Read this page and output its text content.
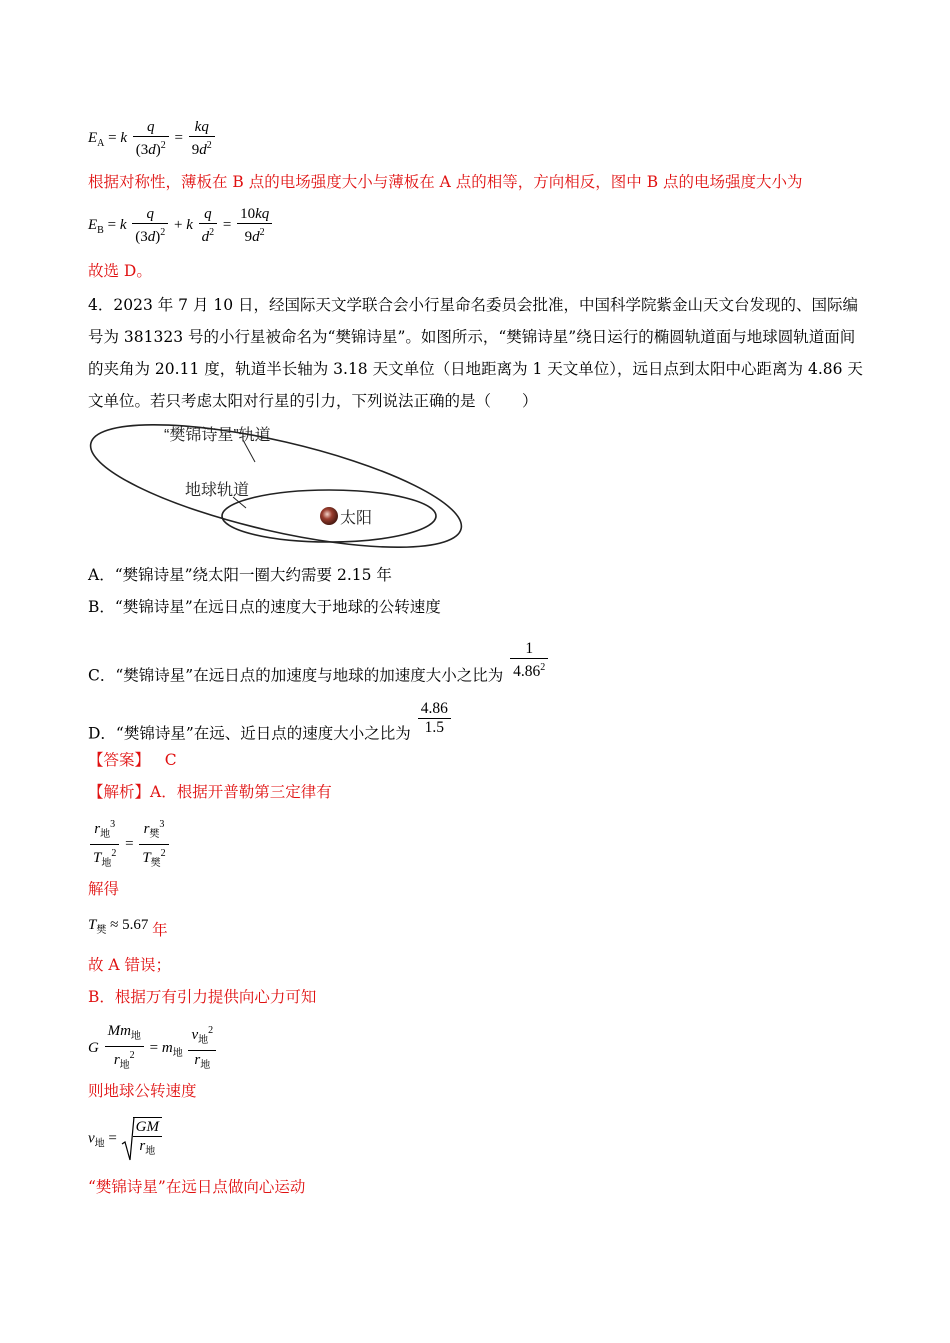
$E_A = k \frac{q}{(3d)^2} = \frac{kq}{9d^2}$
根据对称性，薄板在 B 点的电场强度大小与薄板在 A 点的相等，方向相反，图中 B 点的电场强度大小为
$E_B = k \frac{q}{(3d)^2} + k \frac{q}{d^2} = \frac{10kq}{9d^2}$
故选 D。
4．2023 年 7 月 10 日，经国际天文学联合会小行星命名委员会批准，中国科学院紫金山天文台发现的、国际编号为 381323 号的小行星被命名为“樊锦诗星”。如图所示，“樊锦诗星”绕日运行的椭圆轨道面与地球圆轨道面间的夹角为 20.11 度，轨道半长轴为 3.18 天文单位（日地距离为 1 天文单位），远日点到太阳中心距离为 4.86 天文单位。若只考虑太阳对行星的引力，下列说法正确的是（　　）
“樊锦诗星”轨道
地球轨道
太阳
A．“樊锦诗星”绕太阳一圈大约需要 2.15 年
B．“樊锦诗星”在远日点的速度大于地球的公转速度
C．“樊锦诗星”在远日点的加速度与地球的加速度大小之比为 $\frac{1}{4.86^2}$
D．“樊锦诗星”在远、近日点的速度大小之比为 $\frac{4.86}{1.5}$
【答案】 C
【解析】A．根据开普勒第三定律有
$\frac{r_地^3}{T_地^2} = \frac{r_樊^3}{T_樊^2}$
解得
$T_樊 \approx 5.67$ 年
故 A 错误；
B．根据万有引力提供向心力可知
G $\frac{Mm_地}{r_地^2} = m_地 \frac{v_地^2}{r_地}$
则地球公转速度
$v_地 = \frac{GM}{r_地}$
“樊锦诗星”在远日点做向心运动
